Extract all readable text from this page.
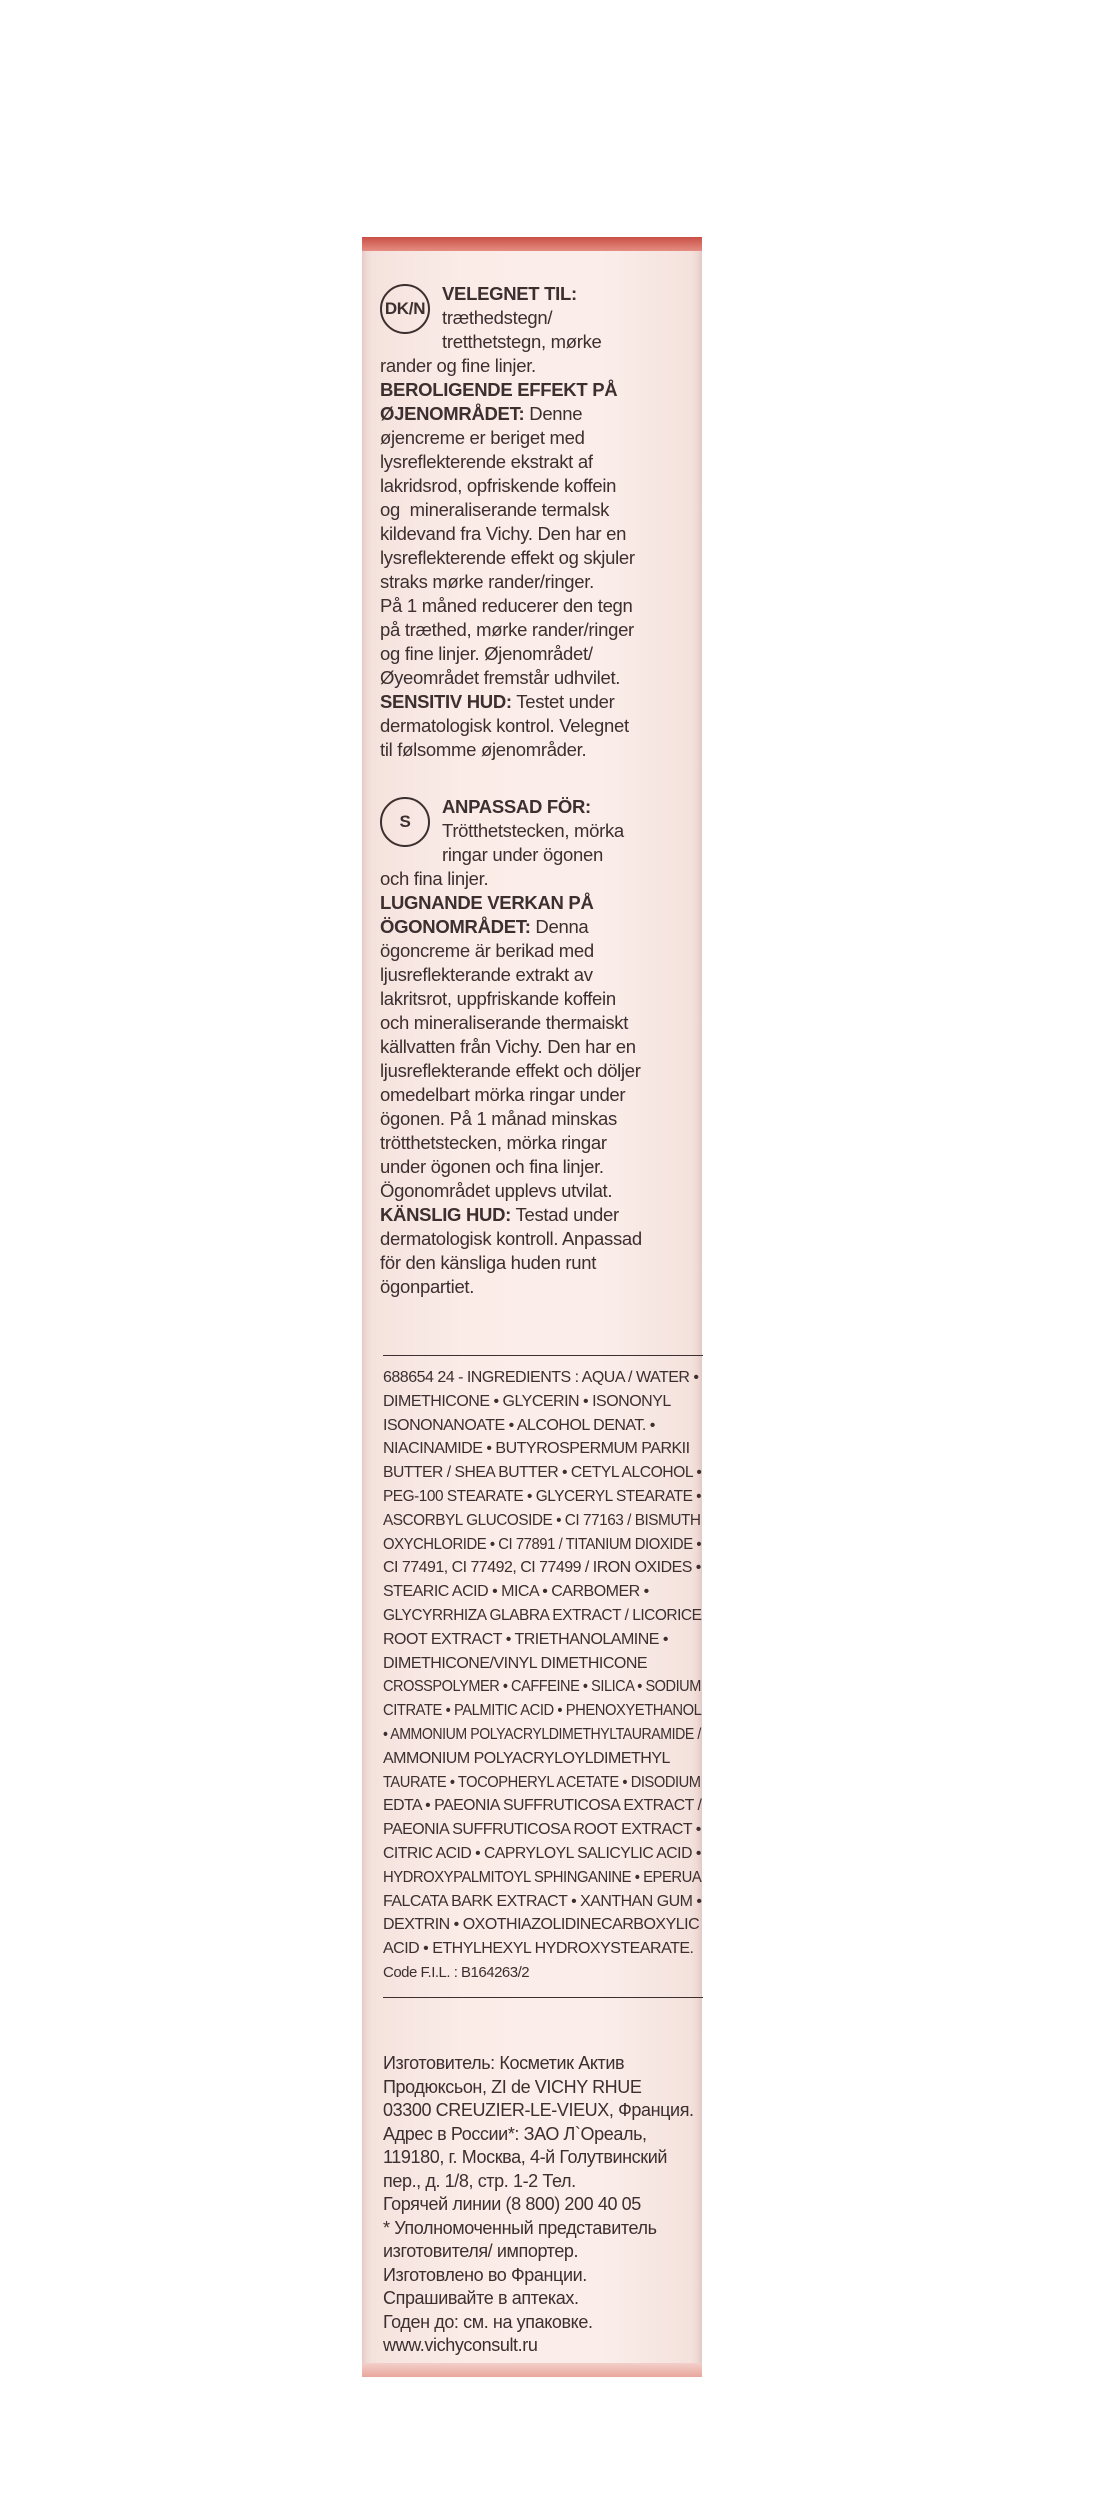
DK/N
VELEGNET TIL:
træthedstegn/
tretthetstegn, mørke
rander og fine linjer.
BEROLIGENDE EFFEKT PÅ
ØJENOMRÅDET: Denne
øjencreme er beriget med
lysreflekterende ekstrakt af
lakridsrod, opfriskende koffein
og  mineraliserande termalsk
kildevand fra Vichy. Den har en
lysreflekterende effekt og skjuler
straks mørke rander/ringer.
På 1 måned reducerer den tegn
på træthed, mørke rander/ringer
og fine linjer. Øjenområdet/
Øyeområdet fremstår udhvilet.
SENSITIV HUD: Testet under
dermatologisk kontrol. Velegnet
til følsomme øjenområder.
S
ANPASSAD FÖR:
Trötthetstecken, mörka
ringar under ögonen
och fina linjer.
LUGNANDE VERKAN PÅ
ÖGONOMRÅDET: Denna
ögoncreme är berikad med
ljusreflekterande extrakt av
lakritsrot, uppfriskande koffein
och mineraliserande thermaiskt
källvatten från Vichy. Den har en
ljusreflekterande effekt och döljer
omedelbart mörka ringar under
ögonen. På 1 månad minskas
trötthetstecken, mörka ringar
under ögonen och fina linjer.
Ögonområdet upplevs utvilat.
KÄNSLIG HUD: Testad under
dermatologisk kontroll. Anpassad
för den känsliga huden runt
ögonpartiet.
688654 24 - INGREDIENTS : AQUA / WATER •
DIMETHICONE • GLYCERIN • ISONONYL
ISONONANOATE • ALCOHOL DENAT. •
NIACINAMIDE • BUTYROSPERMUM PARKII
BUTTER / SHEA BUTTER • CETYL ALCOHOL •
PEG-100 STEARATE • GLYCERYL STEARATE •
ASCORBYL GLUCOSIDE • CI 77163 / BISMUTH
OXYCHLORIDE • CI 77891 / TITANIUM DIOXIDE •
CI 77491, CI 77492, CI 77499 / IRON OXIDES •
STEARIC ACID • MICA • CARBOMER •
GLYCYRRHIZA GLABRA EXTRACT / LICORICE
ROOT EXTRACT • TRIETHANOLAMINE •
DIMETHICONE/VINYL DIMETHICONE
CROSSPOLYMER • CAFFEINE • SILICA • SODIUM
CITRATE • PALMITIC ACID • PHENOXYETHANOL
• AMMONIUM POLYACRYLDIMETHYLTAURAMIDE /
AMMONIUM POLYACRYLOYLDIMETHYL
TAURATE • TOCOPHERYL ACETATE • DISODIUM
EDTA • PAEONIA SUFFRUTICOSA EXTRACT /
PAEONIA SUFFRUTICOSA ROOT EXTRACT •
CITRIC ACID • CAPRYLOYL SALICYLIC ACID •
HYDROXYPALMITOYL SPHINGANINE • EPERUA
FALCATA BARK EXTRACT • XANTHAN GUM •
DEXTRIN • OXOTHIAZOLIDINECARBOXYLIC
ACID • ETHYLHEXYL HYDROXYSTEARATE.
Code F.I.L. : B164263/2
Изготовитель: Косметик Актив
Продюксьон, ZI de VICHY RHUE
03300 CREUZIER-LE-VIEUX, Франция.
Адрес в России*: ЗАО Л`Ореаль,
119180, г. Москва, 4-й Голутвинский
пер., д. 1/8, стр. 1-2 Тел.
Горячей линии (8 800) 200 40 05
* Уполномоченный представитель
изготовителя/ импортер.
Изготовлено во Франции.
Спрашивайте в аптеках.
Годен до: см. на упаковке.
www.vichyconsult.ru
